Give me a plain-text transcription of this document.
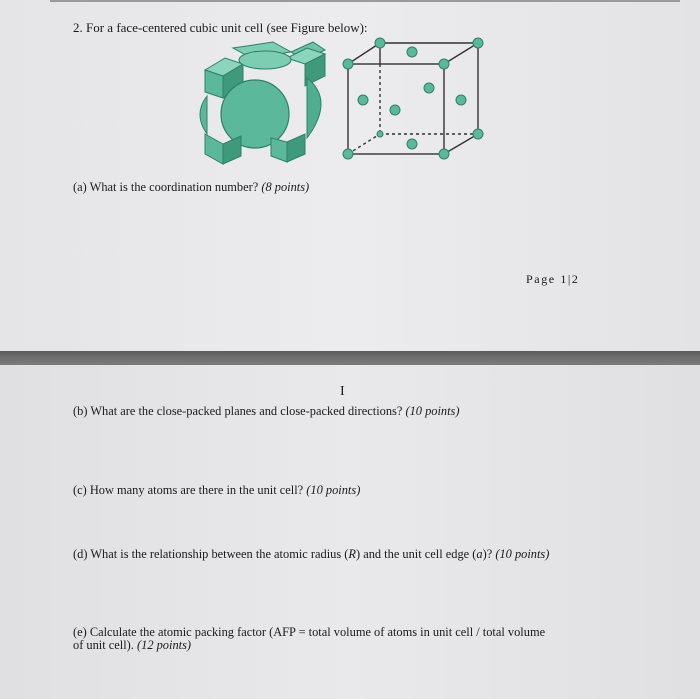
2. For a face-centered cubic unit cell (see Figure below):
(a) What is the coordination number? (8 points)
Page 1|2
I
(b) What are the close-packed planes and close-packed directions? (10 points)
(c) How many atoms are there in the unit cell? (10 points)
(d) What is the relationship between the atomic radius (R) and the unit cell edge (a)? (10 points)
(e) Calculate the atomic packing factor (AFP = total volume of atoms in unit cell / total volume
of unit cell). (12 points)
